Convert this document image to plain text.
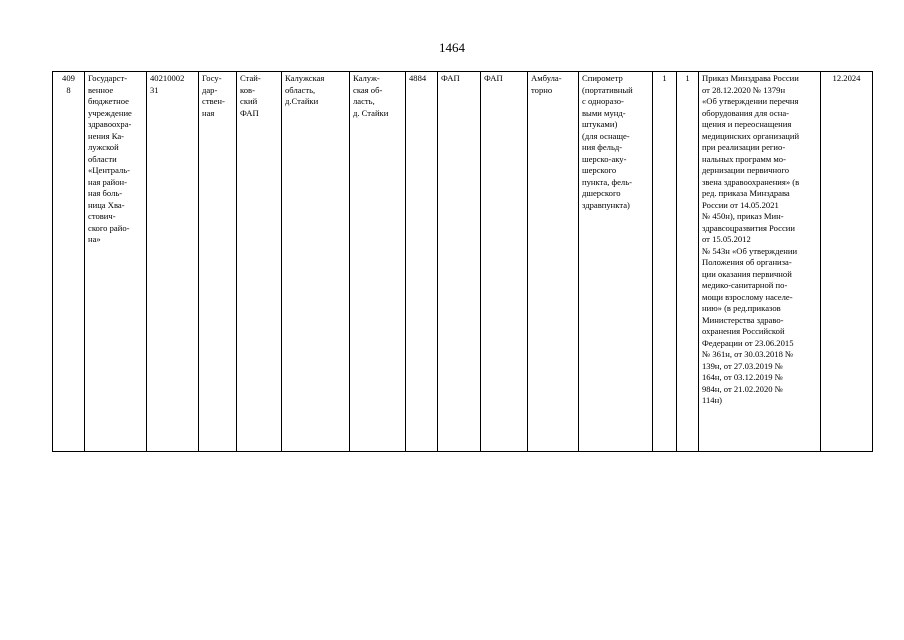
1464
409
8	Государст-
венное
бюджетное
учреждение
здравоохра-
нения Ка-
лужской
области
«Централь-
ная район-
ная боль-
ница Хва-
стович-
ского райо-
на»	40210002
31	Госу-
дар-
ствен-
ная	Стай-
ков-
ский
ФАП	Калужская
область,
д.Стайки	Калуж-
ская об-
ласть,
д. Стайки	4884	ФАП	ФАП	Амбула-
торно	Спирометр
(портативный
с одноразо-
выми мунд-
штуками)
(для оснаще-
ния фельд-
шерско-аку-
шерского
пункта, фель-
дшерского
здравпункта)	1	1	Приказ Минздрава России
от 28.12.2020 № 1379н
«Об утверждении перечня
оборудования для осна-
щения и переоснащения
медицинских организаций
при реализации регио-
нальных программ мо-
дернизации первичного
звена здравоохранения» (в
ред. приказа Минздрава
России от 14.05.2021
№ 450н), приказ Мин-
здравсоцразвития России
от 15.05.2012
№ 543н «Об утверждении
Положения об организа-
ции оказания первичной
медико-санитарной по-
мощи взрослому населе-
нию» (в ред.приказов
Министерства здраво-
охранения Российской
Федерации от 23.06.2015
№ 361н, от 30.03.2018 №
139н, от 27.03.2019 №
164н, от 03.12.2019 №
984н, от 21.02.2020 №
114н)	12.2024
